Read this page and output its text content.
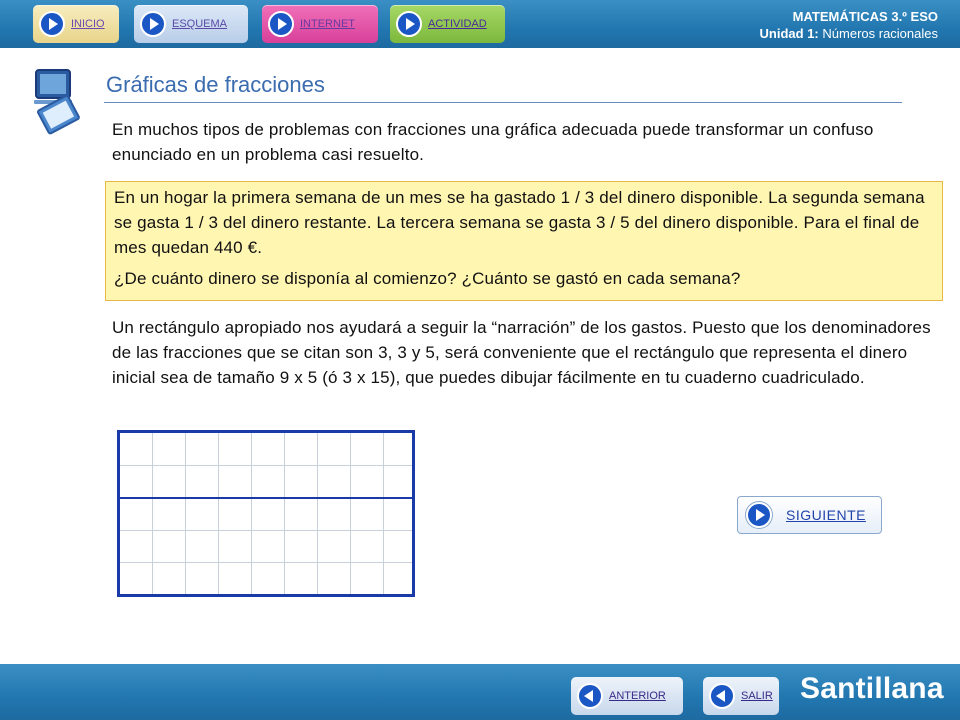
INICIO	ESQUEMA	INTERNET	ACTIVIDAD	MATEMÁTICAS 3.º ESO
Unidad 1: Números racionales
Gráficas de fracciones
En muchos tipos de problemas con fracciones una gráfica adecuada puede transformar un confuso enunciado en un problema casi resuelto.

En un hogar la primera semana de un mes se ha gastado 1 / 3 del dinero disponible. La segunda semana se gasta 1 / 3 del dinero restante. La tercera semana se gasta 3 / 5 del dinero disponible. Para el final de mes quedan 440 €.

¿De cuánto dinero se disponía al comienzo? ¿Cuánto se gastó en cada semana?

Un rectángulo apropiado nos ayudará a seguir la “narración” de los gastos. Puesto que los denominadores de las fracciones que se citan son 3, 3 y 5, será conveniente que el rectángulo que representa el dinero inicial sea de tamaño 9 x 5 (ó 3 x 15), que puedes dibujar fácilmente en tu cuaderno cuadriculado.
SIGUIENTE
ANTERIOR	SALIR Santillana
